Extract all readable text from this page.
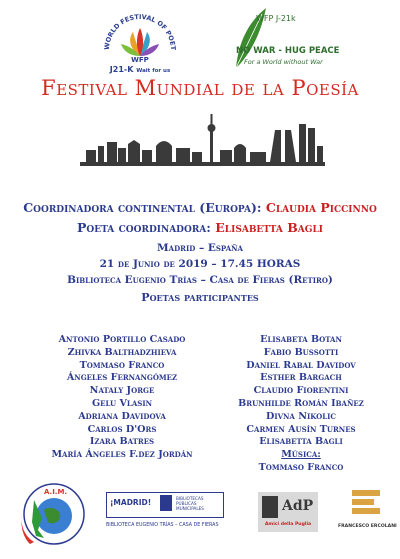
WORLD FESTIVAL OF POET
WFP
J21-K Wait for us
WFP J-21k
NO WAR - HUG PEACE
For a World without War
Festival Mundial de la Poesía
Coordinadora continental (Europa): Claudia Piccinno
Poeta coordinadora: Elisabetta Bagli
Madrid – España
21 de Junio de 2019 – 17.45 HORAS
Biblioteca Eugenio Trías – Casa de Fieras (Retiro)
Poetas participantes
Antonio Portillo Casado
Zhivka Balthadzhieva
Tommaso Franco
Ángeles Fernangómez
Nataly Jorge
Gelu Vlasin
Adriana Davidova
Carlos D'Ors
Izara Batres
María Ángeles F.dez Jordán
Elisabeta Botan
Fabio Bussotti
Daniel Rabal Davidov
Esther Bargach
Claudio Fiorentini
Brunhilde Román Ibañez
Divna Nikolic
Carmen Ausín Turnes
Elisabetta Bagli
Música:
Tommaso Franco
A.I.M.
¡MADRID!	BIBLIOTECAS PÚBLICAS MUNICIPALES
BIBLIOTECA EUGENIO TRÍAS – CASA DE FIERAS
AdP
Amici della Puglia	FRANCESCO ERCOLANI
